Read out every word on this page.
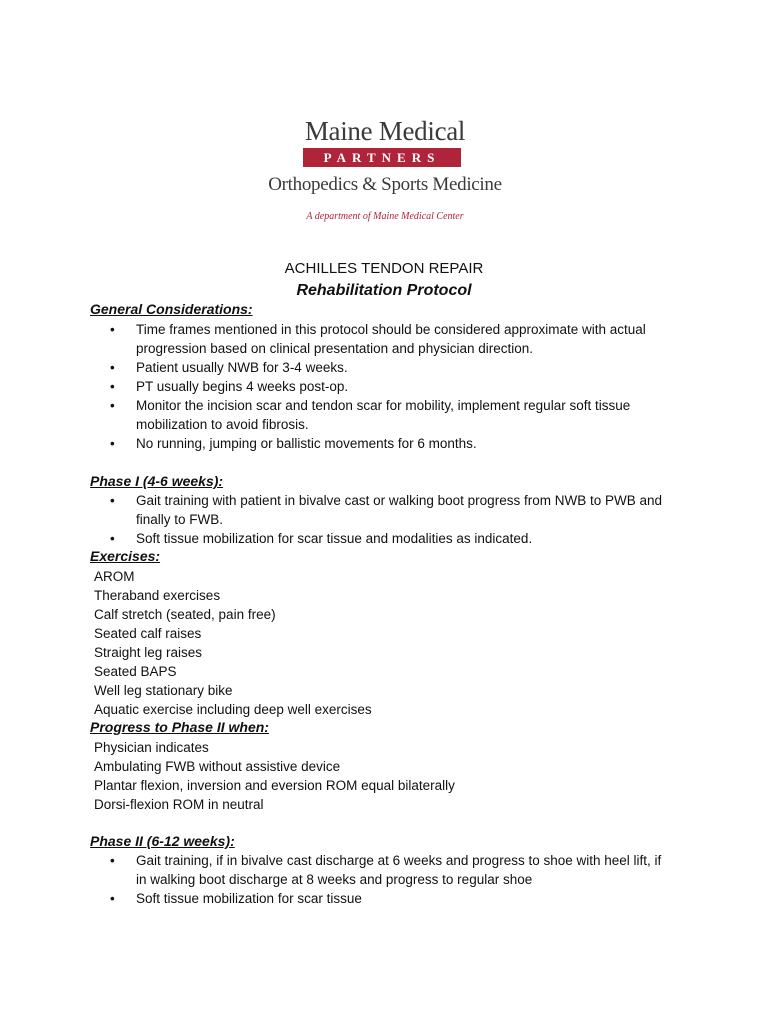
Maine Medical
PARTNERS
Orthopedics & Sports Medicine
A department of Maine Medical Center
ACHILLES TENDON REPAIR
Rehabilitation Protocol
General Considerations:
•	Time frames mentioned in this protocol should be considered approximate with actual
progression based on clinical presentation and physician direction.
•	Patient usually NWB for 3-4 weeks.
•	PT usually begins 4 weeks post-op.
•	Monitor the incision scar and tendon scar for mobility, implement regular soft tissue
mobilization to avoid fibrosis.
•	No running, jumping or ballistic movements for 6 months.
Phase I (4-6 weeks):
•	Gait training with patient in bivalve cast or walking boot progress from NWB to PWB and
finally to FWB.
•	Soft tissue mobilization for scar tissue and modalities as indicated.
Exercises:
AROM
Theraband exercises
Calf stretch (seated, pain free)
Seated calf raises
Straight leg raises
Seated BAPS
Well leg stationary bike
Aquatic exercise including deep well exercises
Progress to Phase II when:
Physician indicates
Ambulating FWB without assistive device
Plantar flexion, inversion and eversion ROM equal bilaterally
Dorsi-flexion ROM in neutral
Phase II (6-12 weeks):
•	Gait training, if in bivalve cast discharge at 6 weeks and progress to shoe with heel lift, if
in walking boot discharge at 8 weeks and progress to regular shoe
•	Soft tissue mobilization for scar tissue
